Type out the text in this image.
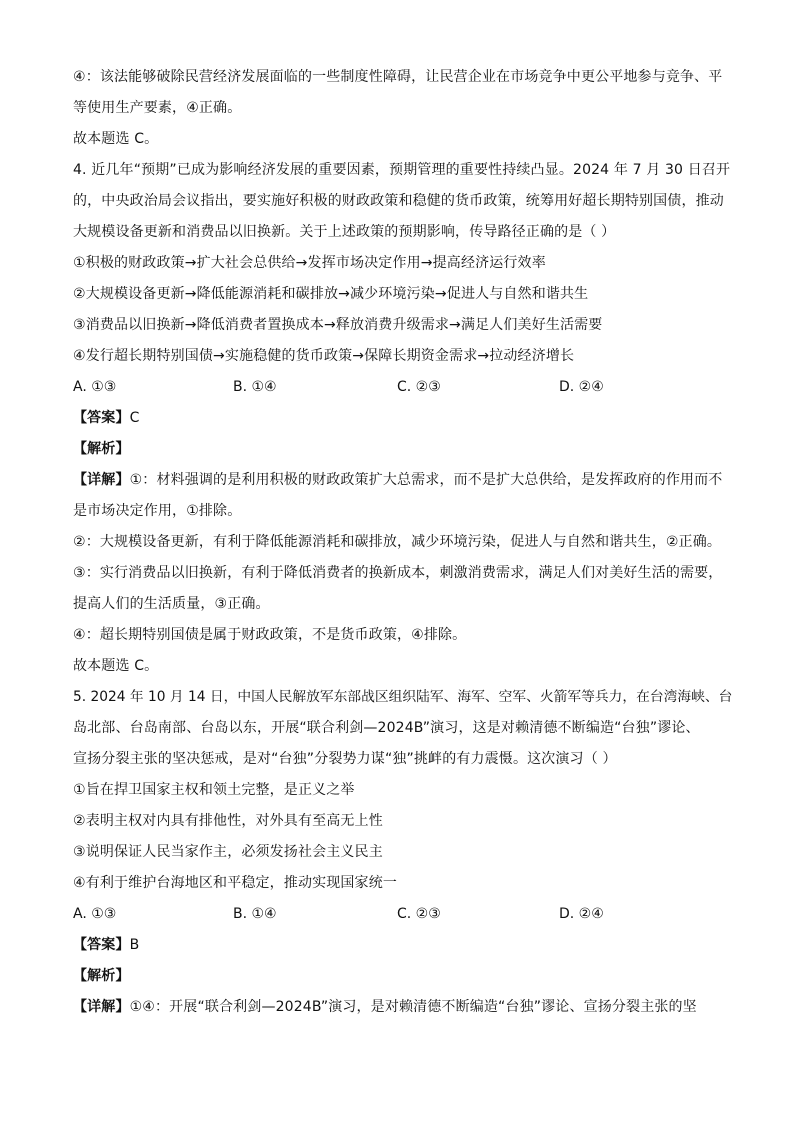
④：该法能够破除民营经济发展面临的一些制度性障碍，让民营企业在市场竞争中更公平地参与竞争、平

等使用生产要素，④正确。

故本题选 C。

4. 近几年“预期”已成为影响经济发展的重要因素，预期管理的重要性持续凸显。2024 年 7 月 30 日召开

的，中央政治局会议指出，要实施好积极的财政政策和稳健的货币政策，统筹用好超长期特别国债，推动

大规模设备更新和消费品以旧换新。关于上述政策的预期影响，传导路径正确的是（ ）

①积极的财政政策→扩大社会总供给→发挥市场决定作用→提高经济运行效率

②大规模设备更新→降低能源消耗和碳排放→减少环境污染→促进人与自然和谐共生

③消费品以旧换新→降低消费者置换成本→释放消费升级需求→满足人们美好生活需要

④发行超长期特别国债→实施稳健的货币政策→保障长期资金需求→拉动经济增长

A. ①③	B. ①④	C. ②③	D. ②④

【答案】C

【解析】

【详解】①：材料强调的是利用积极的财政政策扩大总需求，而不是扩大总供给，是发挥政府的作用而不

是市场决定作用，①排除。

②：大规模设备更新，有利于降低能源消耗和碳排放，减少环境污染，促进人与自然和谐共生，②正确。

③：实行消费品以旧换新，有利于降低消费者的换新成本，刺激消费需求，满足人们对美好生活的需要，

提高人们的生活质量，③正确。

④：超长期特别国债是属于财政政策，不是货币政策，④排除。

故本题选 C。

5. 2024 年 10 月 14 日，中国人民解放军东部战区组织陆军、海军、空军、火箭军等兵力，在台湾海峡、台

岛北部、台岛南部、台岛以东，开展“联合利剑—2024B”演习，这是对赖清德不断编造“台独”谬论、

宣扬分裂主张的坚决惩戒，是对“台独”分裂势力谋“独”挑衅的有力震慑。这次演习（ ）

①旨在捍卫国家主权和领土完整，是正义之举

②表明主权对内具有排他性，对外具有至高无上性

③说明保证人民当家作主，必须发扬社会主义民主

④有利于维护台海地区和平稳定，推动实现国家统一

A. ①③	B. ①④	C. ②③	D. ②④

【答案】B

【解析】

【详解】①④：开展“联合利剑—2024B”演习，是对赖清德不断编造“台独”谬论、宣扬分裂主张的坚
